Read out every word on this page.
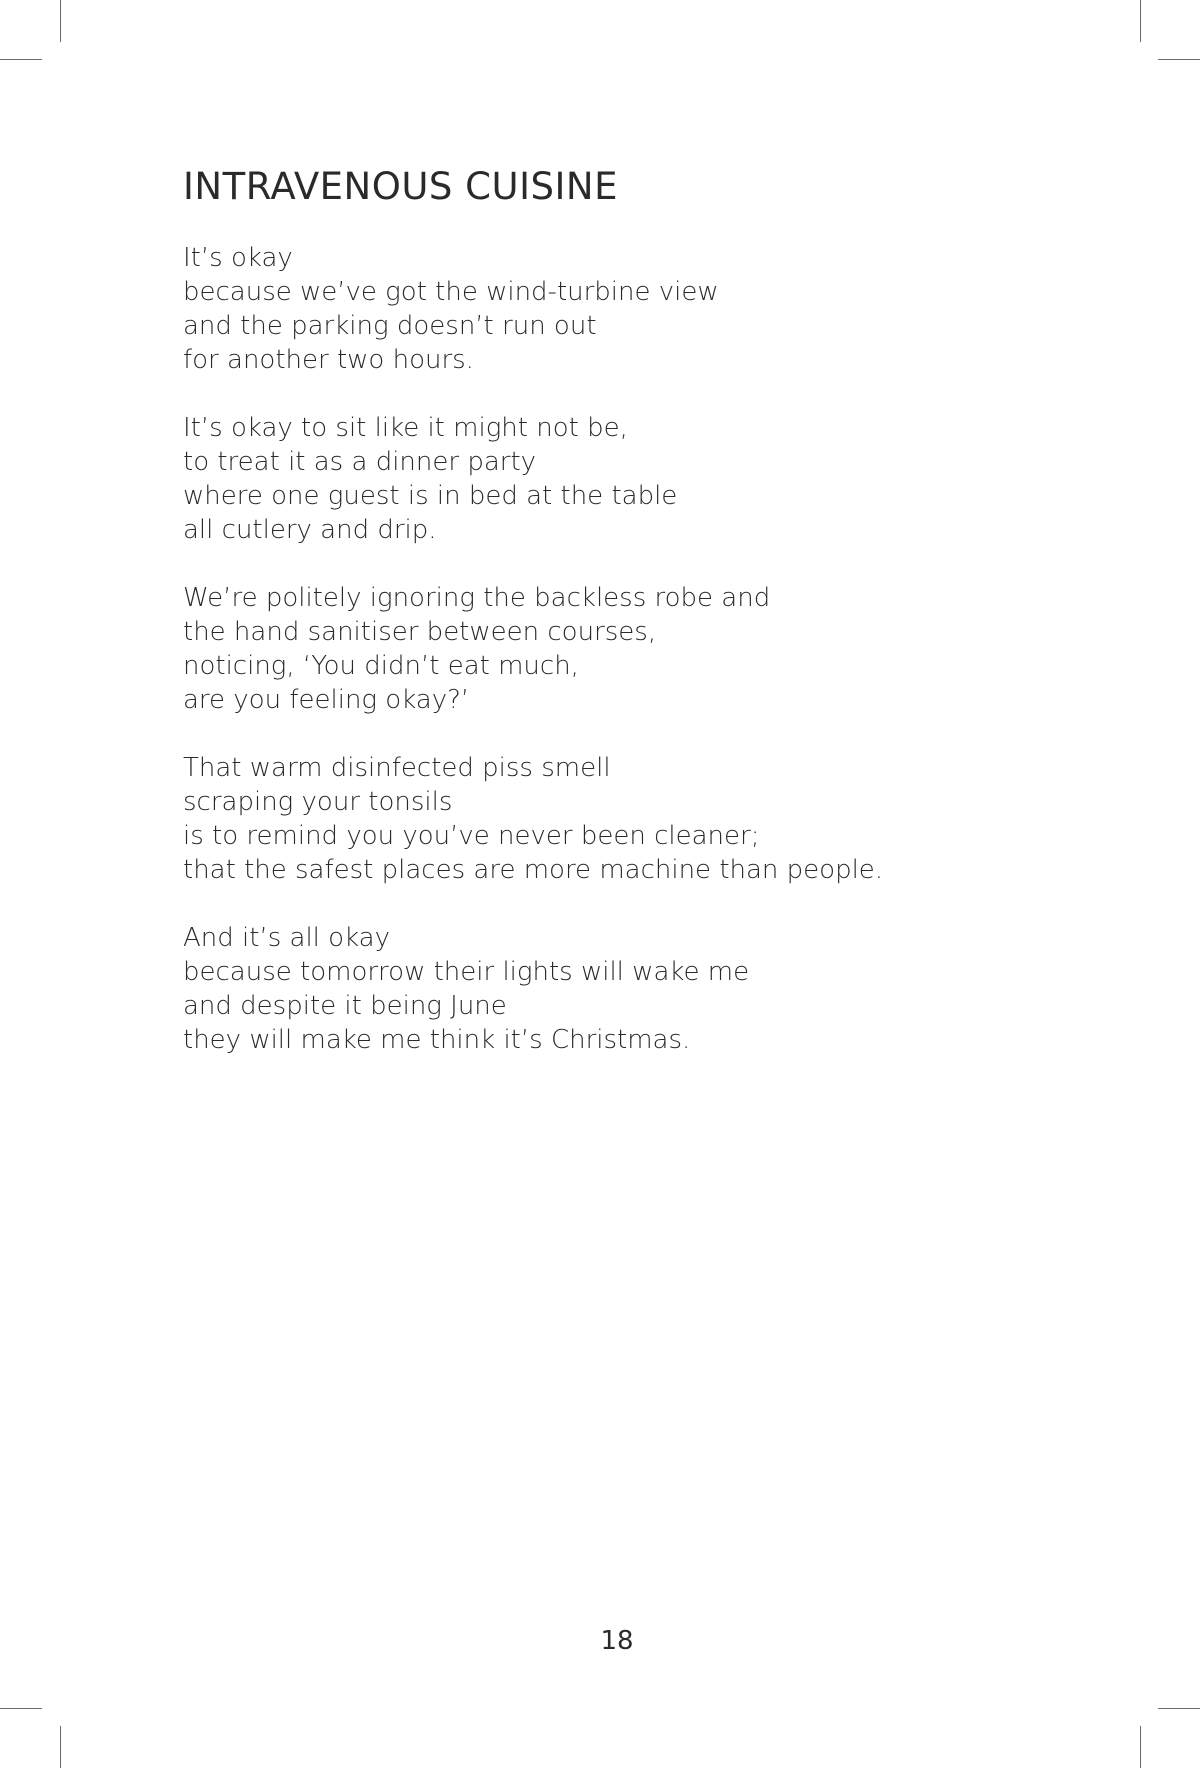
INTRAVENOUS CUISINE
It’s okay
because we’ve got the wind-turbine view
and the parking doesn’t run out
for another two hours.
It’s okay to sit like it might not be,
to treat it as a dinner party
where one guest is in bed at the table
all cutlery and drip.
We’re politely ignoring the backless robe and
the hand sanitiser between courses,
noticing, ‘You didn’t eat much,
are you feeling okay?’
That warm disinfected piss smell
scraping your tonsils
is to remind you you’ve never been cleaner;
that the safest places are more machine than people.
And it’s all okay
because tomorrow their lights will wake me
and despite it being June
they will make me think it’s Christmas.
18
